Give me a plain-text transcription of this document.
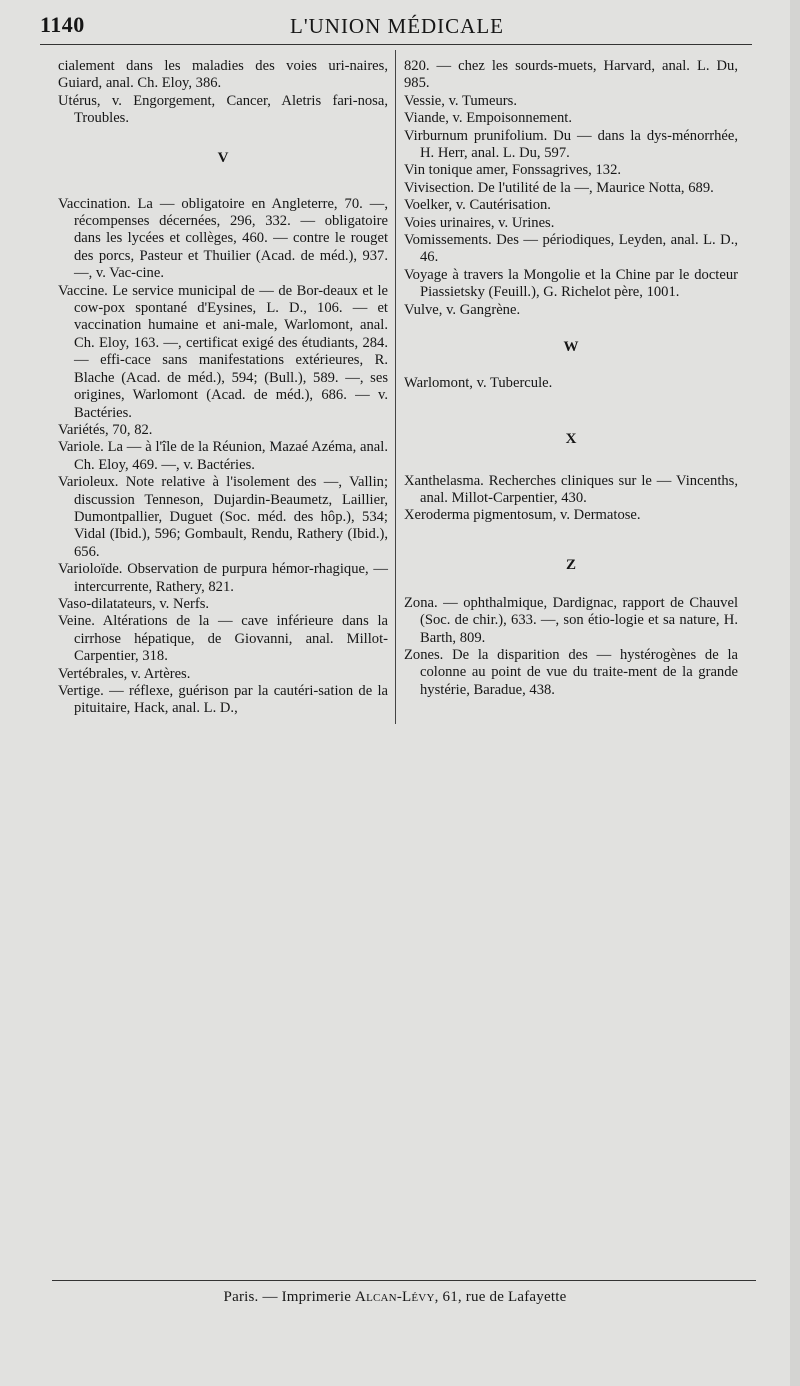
1140	L'UNION MÉDICALE

cialement dans les maladies des voies uri-naires, Guiard, anal. Ch. Eloy, 386.

Utérus, v. Engorgement, Cancer, Aletris fari-nosa, Troubles.

V

Vaccination. La — obligatoire en Angleterre, 70. —, récompenses décernées, 296, 332. — obligatoire dans les lycées et collèges, 460. — contre le rouget des porcs, Pasteur et Thuilier (Acad. de méd.), 937. —, v. Vac-cine.

Vaccine. Le service municipal de — de Bor-deaux et le cow-pox spontané d'Eysines, L. D., 106. — et vaccination humaine et ani-male, Warlomont, anal. Ch. Eloy, 163. —, certificat exigé des étudiants, 284. — effi-cace sans manifestations extérieures, R. Blache (Acad. de méd.), 594; (Bull.), 589. —, ses origines, Warlomont (Acad. de méd.), 686. — v. Bactéries.

Variétés, 70, 82.

Variole. La — à l'île de la Réunion, Mazaé Azéma, anal. Ch. Eloy, 469. —, v. Bactéries.

Varioleux. Note relative à l'isolement des —, Vallin; discussion Tenneson, Dujardin-Beaumetz, Laillier, Dumontpallier, Duguet (Soc. méd. des hôp.), 534; Vidal (Ibid.), 596; Gombault, Rendu, Rathery (Ibid.), 656.

Varioloïde. Observation de purpura hémor-rhagique, — intercurrente, Rathery, 821.

Vaso-dilatateurs, v. Nerfs.

Veine. Altérations de la — cave inférieure dans la cirrhose hépatique, de Giovanni, anal. Millot-Carpentier, 318.

Vertébrales, v. Artères.

Vertige. — réflexe, guérison par la cautéri-sation de la pituitaire, Hack, anal. L. D.,

820. — chez les sourds-muets, Harvard, anal. L. Du, 985.

Vessie, v. Tumeurs.

Viande, v. Empoisonnement.

Virburnum prunifolium. Du — dans la dys-ménorrhée, H. Herr, anal. L. Du, 597.

Vin tonique amer, Fonssagrives, 132.

Vivisection. De l'utilité de la —, Maurice Notta, 689.

Voelker, v. Cautérisation.

Voies urinaires, v. Urines.

Vomissements. Des — périodiques, Leyden, anal. L. D., 46.

Voyage à travers la Mongolie et la Chine par le docteur Piassietsky (Feuill.), G. Richelot père, 1001.

Vulve, v. Gangrène.

W

Warlomont, v. Tubercule.

X

Xanthelasma. Recherches cliniques sur le — Vincenths, anal. Millot-Carpentier, 430.

Xeroderma pigmentosum, v. Dermatose.

Z

Zona. — ophthalmique, Dardignac, rapport de Chauvel (Soc. de chir.), 633. —, son étio-logie et sa nature, H. Barth, 809.

Zones. De la disparition des — hystérogènes de la colonne au point de vue du traite-ment de la grande hystérie, Baradue, 438.

Paris. — Imprimerie Alcan-Lévy, 61, rue de Lafayette
